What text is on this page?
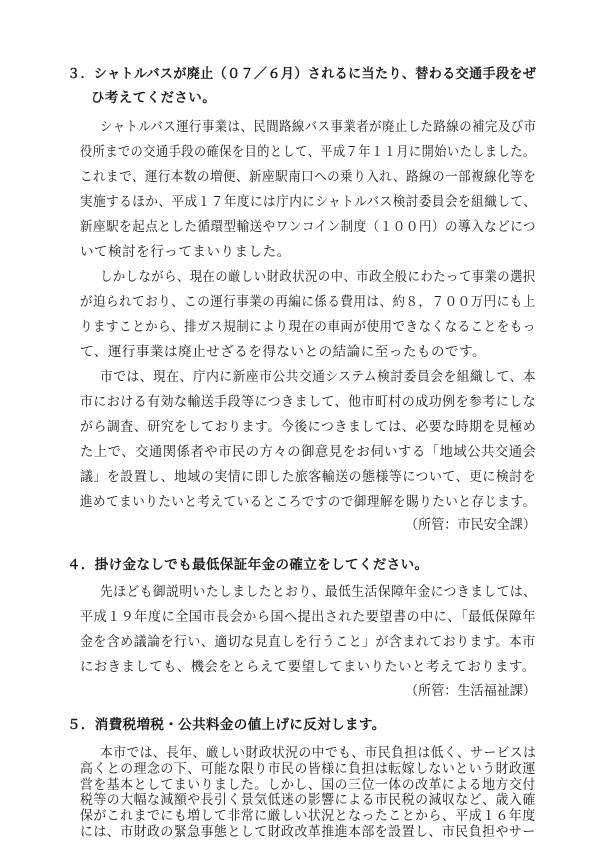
３．シャトルバスが廃止（０７／６月）されるに当たり、替わる交通手段をぜ
ひ考えてください。
シャトルバス運行事業は、民間路線バス事業者が廃止した路線の補完及び市
役所までの交通手段の確保を目的として、平成７年１１月に開始いたしました。
これまで、運行本数の増便、新座駅南口への乗り入れ、路線の一部複線化等を
実施するほか、平成１７年度には庁内にシャトルバス検討委員会を組織して、
新座駅を起点とした循環型輸送やワンコイン制度（１００円）の導入などにつ
いて検討を行ってまいりました。
しかしながら、現在の厳しい財政状況の中、市政全般にわたって事業の選択
が迫られており、この運行事業の再編に係る費用は、約８，７００万円にも上
りますことから、排ガス規制により現在の車両が使用できなくなることをもっ
て、運行事業は廃止せざるを得ないとの結論に至ったものです。
市では、現在、庁内に新座市公共交通システム検討委員会を組織して、本
市における有効な輸送手段等につきまして、他市町村の成功例を参考にしな
がら調査、研究をしております。今後につきましては、必要な時期を見極め
た上で、交通関係者や市民の方々の御意見をお伺いする「地域公共交通会
議」を設置し、地域の実情に即した旅客輸送の態様等について、更に検討を
進めてまいりたいと考えているところですので御理解を賜りたいと存じます。
（所管：市民安全課）
４．掛け金なしでも最低保証年金の確立をしてください。
先ほども御説明いたしましたとおり、最低生活保障年金につきましては、
平成１９年度に全国市長会から国へ提出された要望書の中に、「最低保障年
金を含め議論を行い、適切な見直しを行うこと」が含まれております。本市
におきましても、機会をとらえて要望してまいりたいと考えております。
（所管：生活福祉課）
５．消費税増税・公共料金の値上げに反対します。
本市では、長年、厳しい財政状況の中でも、市民負担は低く、サービスは
高くとの理念の下、可能な限り市民の皆様に負担は転嫁しないという財政運
営を基本としてまいりました。しかし、国の三位一体の改革による地方交付
税等の大幅な減額や長引く景気低迷の影響による市民税の減収など、歳入確
保がこれまでにも増して非常に厳しい状況となったことから、平成１６年度
には、市財政の緊急事態として財政改革推進本部を設置し、市民負担やサー
